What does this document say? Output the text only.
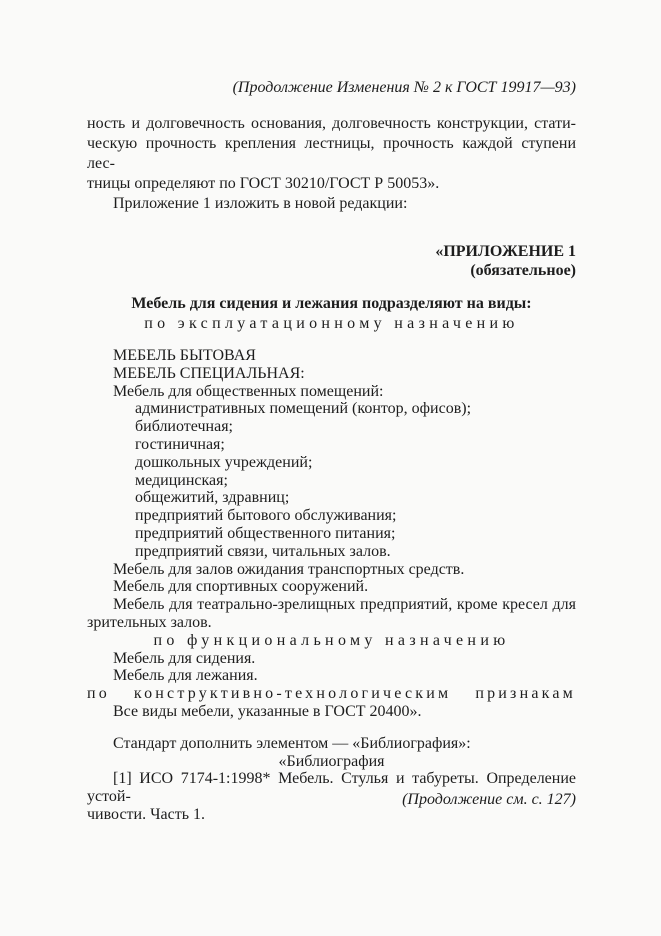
(Продолжение Изменения № 2 к ГОСТ 19917—93)
ность и долговечность основания, долговечность конструкции, стати-
ческую прочность крепления лестницы, прочность каждой ступени лес-
тницы определяют по ГОСТ 30210/ГОСТ Р 50053».
Приложение 1 изложить в новой редакции:
«ПРИЛОЖЕНИЕ 1
(обязательное)
Мебель для сидения и лежания подразделяют на виды:
по эксплуатационному назначению
МЕБЕЛЬ БЫТОВАЯ
МЕБЕЛЬ СПЕЦИАЛЬНАЯ:
Мебель для общественных помещений:
административных помещений (контор, офисов);
библиотечная;
гостиничная;
дошкольных учреждений;
медицинская;
общежитий, здравниц;
предприятий бытового обслуживания;
предприятий общественного питания;
предприятий связи, читальных залов.
Мебель для залов ожидания транспортных средств.
Мебель для спортивных сооружений.
Мебель для театрально-зрелищных предприятий, кроме кресел для
зрительных залов.
по функциональному назначению
Мебель для сидения.
Мебель для лежания.
по конструктивно-технологическим признакам
Все виды мебели, указанные в ГОСТ 20400».
Стандарт дополнить элементом — «Библиография»:
«Библиография
[1] ИСО 7174-1:1998* Мебель. Стулья и табуреты. Определение устой-
чивости. Часть 1.
(Продолжение см. с. 127)
